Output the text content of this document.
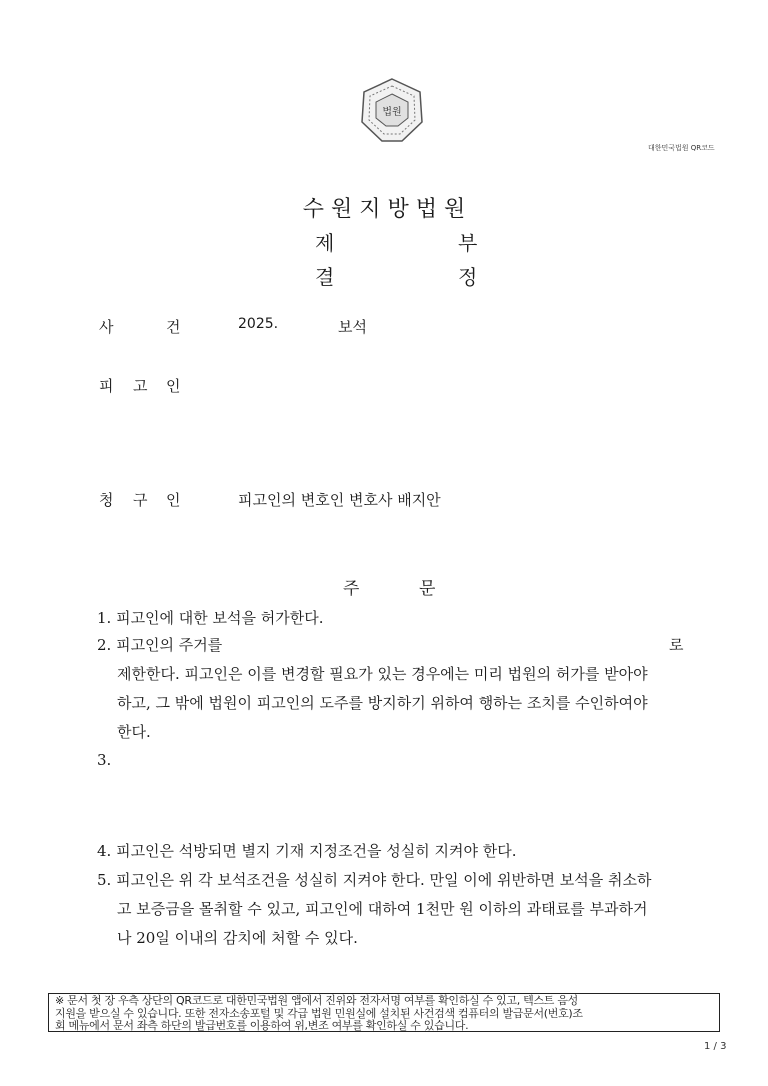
법원
대한민국법원 QR코드
수 원 지 방 법 원
제	부
결	정
사	건	2025.	보석
피 고 인
청 구 인	피고인의 변호인 변호사 배지안
주	문
1. 피고인에 대한 보석을 허가한다.
2. 피고인의 주거를	로
제한한다. 피고인은 이를 변경할 필요가 있는 경우에는 미리 법원의 허가를 받아야
하고, 그 밖에 법원이 피고인의 도주를 방지하기 위하여 행하는 조치를 수인하여야
한다.
3.
4. 피고인은 석방되면 별지 기재 지정조건을 성실히 지켜야 한다.
5. 피고인은 위 각 보석조건을 성실히 지켜야 한다. 만일 이에 위반하면 보석을 취소하
고 보증금을 몰취할 수 있고, 피고인에 대하여 1천만 원 이하의 과태료를 부과하거
나 20일 이내의 감치에 처할 수 있다.
※ 문서 첫 장 우측 상단의 QR코드로 대한민국법원 앱에서 진위와 전자서명 여부를 확인하실 수 있고, 텍스트 음성
지원을 받으실 수 있습니다. 또한 전자소송포털 및 각급 법원 민원실에 설치된 사건검색 컴퓨터의 발급문서(번호)조
회 메뉴에서 문서 좌측 하단의 발급번호를 이용하여 위,변조 여부를 확인하실 수 있습니다.
1 / 3
